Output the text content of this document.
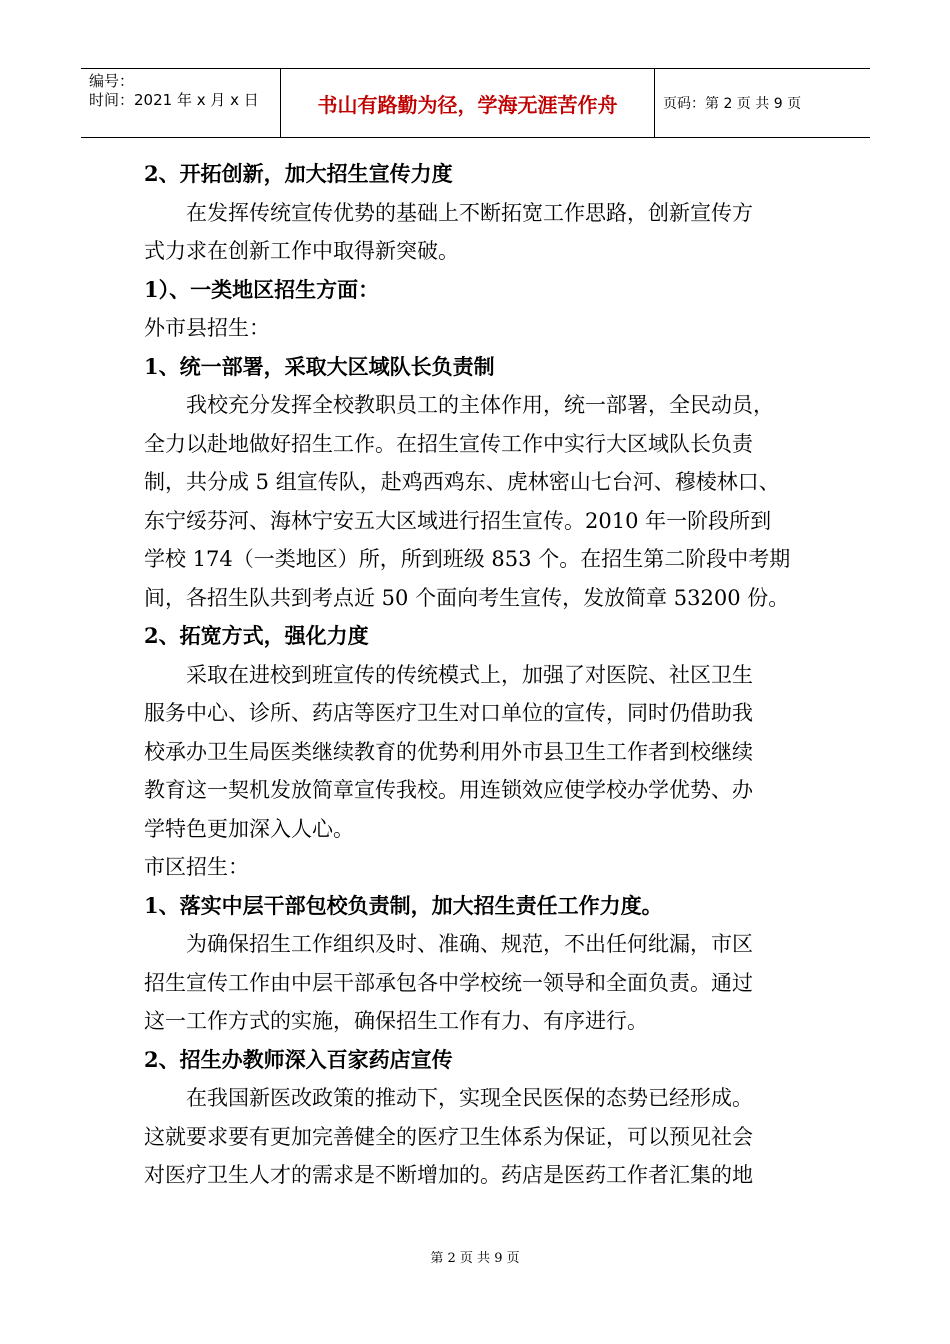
编号：
时间：2021 年 x 月 x 日	书山有路勤为径，学海无涯苦作舟	页码：第 2 页 共 9 页
2、开拓创新，加大招生宣传力度
在发挥传统宣传优势的基础上不断拓宽工作思路，创新宣传方
式力求在创新工作中取得新突破。
1）、一类地区招生方面：
外市县招生：
1、统一部署，采取大区域队长负责制
我校充分发挥全校教职员工的主体作用，统一部署，全民动员，
全力以赴地做好招生工作。在招生宣传工作中实行大区域队长负责
制，共分成 5 组宣传队，赴鸡西鸡东、虎林密山七台河、穆棱林口、
东宁绥芬河、海林宁安五大区域进行招生宣传。2010 年一阶段所到
学校 174（一类地区）所，所到班级 853 个。在招生第二阶段中考期
间，各招生队共到考点近 50 个面向考生宣传，发放简章 53200 份。
2、拓宽方式，强化力度
采取在进校到班宣传的传统模式上，加强了对医院、社区卫生
服务中心、诊所、药店等医疗卫生对口单位的宣传，同时仍借助我
校承办卫生局医类继续教育的优势利用外市县卫生工作者到校继续
教育这一契机发放简章宣传我校。用连锁效应使学校办学优势、办
学特色更加深入人心。
市区招生：
1、落实中层干部包校负责制，加大招生责任工作力度。
为确保招生工作组织及时、准确、规范，不出任何纰漏，市区
招生宣传工作由中层干部承包各中学校统一领导和全面负责。通过
这一工作方式的实施，确保招生工作有力、有序进行。
2、招生办教师深入百家药店宣传
在我国新医改政策的推动下，实现全民医保的态势已经形成。
这就要求要有更加完善健全的医疗卫生体系为保证，可以预见社会
对医疗卫生人才的需求是不断增加的。药店是医药工作者汇集的地
第 2 页 共 9 页
